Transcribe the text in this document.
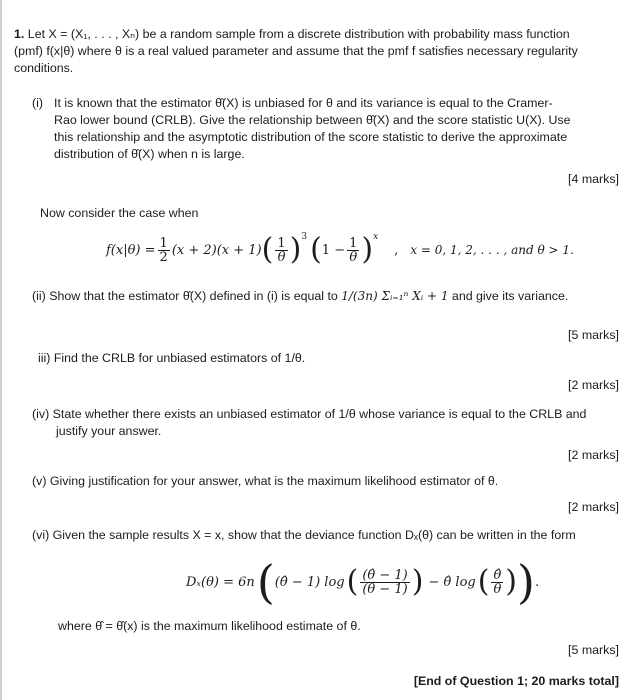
1. Let X = (X₁, . . . , Xₙ) be a random sample from a discrete distribution with probability mass function
(pmf) f(x|θ) where θ is a real valued parameter and assume that the pmf f satisfies necessary regularity
conditions.
(i) It is known that the estimator θ̂(X) is unbiased for θ and its variance is equal to the Cramer-
Rao lower bound (CRLB). Give the relationship between θ̂(X) and the score statistic U(X). Use
this relationship and the asymptotic distribution of the score statistic to derive the approximate
distribution of θ̂(X) when n is large.
[4 marks]
Now consider the case when
$f(x|\theta) = \frac{1}{2} (x + 2)(x + 1)$ ( $\frac{1}{\theta} )^3$ ( $1 - \frac{1}{\theta} )^x$
, x = 0, 1, 2, . . . , and θ > 1.
(ii) Show that the estimator θ̂(X) defined in (i) is equal to 1/(3n) Σᵢ₌₁ⁿ Xᵢ + 1 and give its variance.
[5 marks]
iii) Find the CRLB for unbiased estimators of 1/θ.
[2 marks]
(iv) State whether there exists an unbiased estimator of 1/θ whose variance is equal to the CRLB and
justify your answer.
[2 marks]
(v) Giving justification for your answer, what is the maximum likelihood estimator of θ.
[2 marks]
(vi) Given the sample results X = x, show that the deviance function Dₓ(θ) can be written in the form
Dₓ(θ) = 6n ( (θ̂ − 1) log ( $\frac{(\thetâ - 1)}{(\theta - 1)}$ ) − θ̂ log ( $\frac{\thetâ}{\theta}$ ) ) .
where θ̂ = θ̂(x) is the maximum likelihood estimate of θ.
[5 marks]
[End of Question 1; 20 marks total]
